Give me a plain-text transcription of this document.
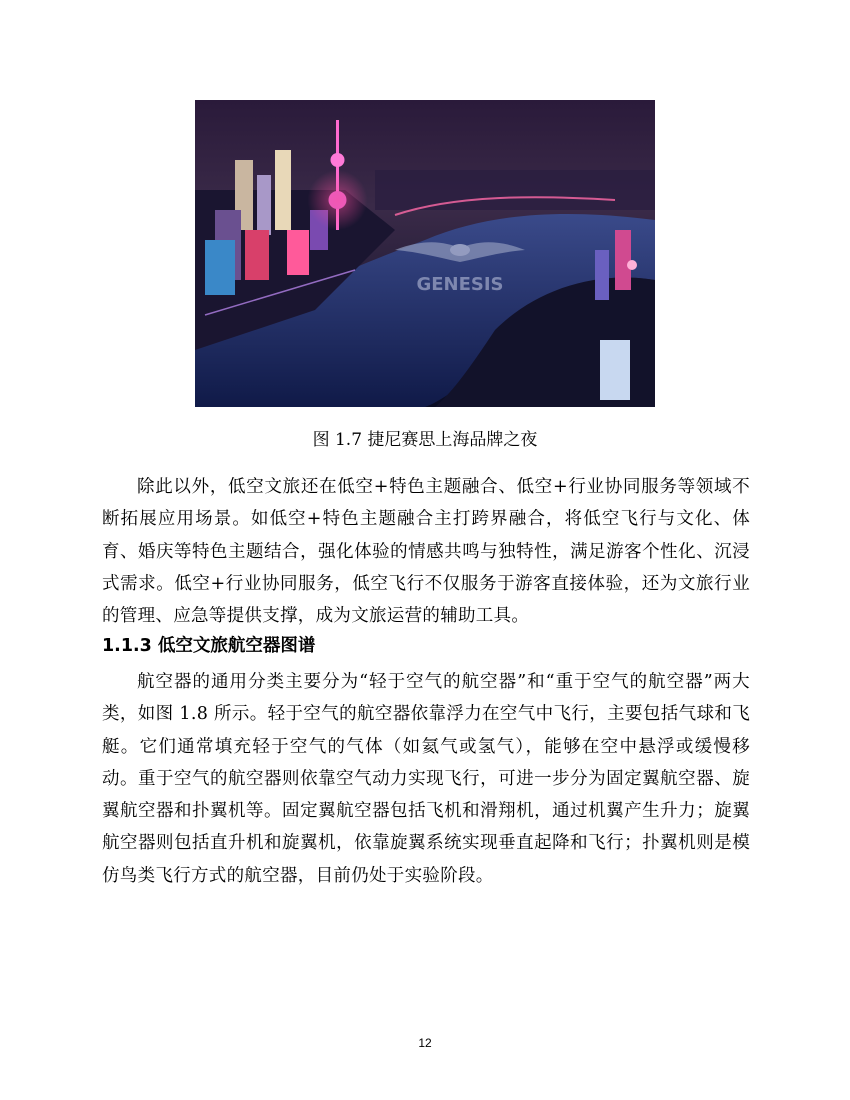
GENESIS
图 1.7 捷尼赛思上海品牌之夜

除此以外，低空文旅还在低空+特色主题融合、低空+行业协同服务等领域不断拓展应用场景。如低空+特色主题融合主打跨界融合，将低空飞行与文化、体育、婚庆等特色主题结合，强化体验的情感共鸣与独特性，满足游客个性化、沉浸式需求。低空+行业协同服务，低空飞行不仅服务于游客直接体验，还为文旅行业的管理、应急等提供支撑，成为文旅运营的辅助工具。

1.1.3 低空文旅航空器图谱

航空器的通用分类主要分为“轻于空气的航空器”和“重于空气的航空器”两大类，如图 1.8 所示。轻于空气的航空器依靠浮力在空气中飞行，主要包括气球和飞艇。它们通常填充轻于空气的气体（如氦气或氢气），能够在空中悬浮或缓慢移动。重于空气的航空器则依靠空气动力实现飞行，可进一步分为固定翼航空器、旋翼航空器和扑翼机等。固定翼航空器包括飞机和滑翔机，通过机翼产生升力；旋翼航空器则包括直升机和旋翼机，依靠旋翼系统实现垂直起降和飞行；扑翼机则是模仿鸟类飞行方式的航空器，目前仍处于实验阶段。

12
